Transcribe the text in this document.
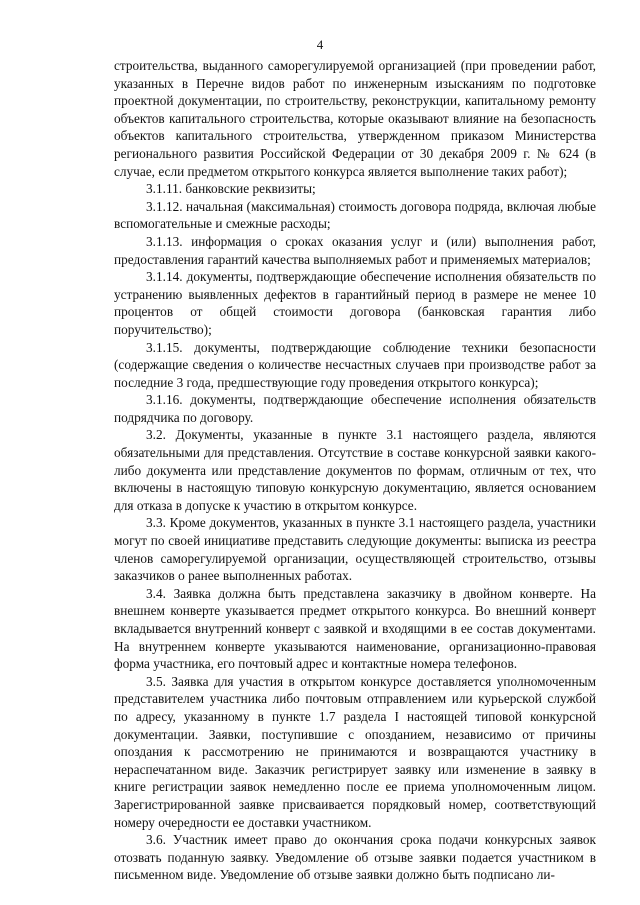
4

строительства, выданного саморегулируемой организацией (при проведении работ, указанных в Перечне видов работ по инженерным изысканиям по подготовке проектной документации, по строительству, реконструкции, капитальному ремонту объектов капитального строительства, которые оказывают влияние на безопасность объектов капитального строительства, утвержденном приказом Министерства регионального развития Российской Федерации от 30 декабря 2009 г. № 624 (в случае, если предметом открытого конкурса является выполнение таких работ);

3.1.11. банковские реквизиты;

3.1.12. начальная (максимальная) стоимость договора подряда, включая любые вспомогательные и смежные расходы;

3.1.13. информация о сроках оказания услуг и (или) выполнения работ, предоставления гарантий качества выполняемых работ и применяемых материалов;

3.1.14. документы, подтверждающие обеспечение исполнения обязательств по устранению выявленных дефектов в гарантийный период в размере не менее 10 процентов от общей стоимости договора (банковская гарантия либо поручительство);

3.1.15. документы, подтверждающие соблюдение техники безопасности (содержащие сведения о количестве несчастных случаев при производстве работ за последние 3 года, предшествующие году проведения открытого конкурса);

3.1.16. документы, подтверждающие обеспечение исполнения обязательств подрядчика по договору.

3.2. Документы, указанные в пункте 3.1 настоящего раздела, являются обязательными для представления. Отсутствие в составе конкурсной заявки какого-либо документа или представление документов по формам, отличным от тех, что включены в настоящую типовую конкурсную документацию, является основанием для отказа в допуске к участию в открытом конкурсе.

3.3. Кроме документов, указанных в пункте 3.1 настоящего раздела, участники могут по своей инициативе представить следующие документы: выписка из реестра членов саморегулируемой организации, осуществляющей строительство, отзывы заказчиков о ранее выполненных работах.

3.4. Заявка должна быть представлена заказчику в двойном конверте. На внешнем конверте указывается предмет открытого конкурса. Во внешний конверт вкладывается внутренний конверт с заявкой и входящими в ее состав документами. На внутреннем конверте указываются наименование, организационно-правовая форма участника, его почтовый адрес и контактные номера телефонов.

3.5. Заявка для участия в открытом конкурсе доставляется уполномоченным представителем участника либо почтовым отправлением или курьерской службой по адресу, указанному в пункте 1.7 раздела I настоящей типовой конкурсной документации. Заявки, поступившие с опозданием, независимо от причины опоздания к рассмотрению не принимаются и возвращаются участнику в нераспечатанном виде. Заказчик регистрирует заявку или изменение в заявку в книге регистрации заявок немедленно после ее приема уполномоченным лицом. Зарегистрированной заявке присваивается порядковый номер, соответствующий номеру очередности ее доставки участником.

3.6. Участник имеет право до окончания срока подачи конкурсных заявок отозвать поданную заявку. Уведомление об отзыве заявки подается участником в письменном виде. Уведомление об отзыве заявки должно быть подписано ли-
